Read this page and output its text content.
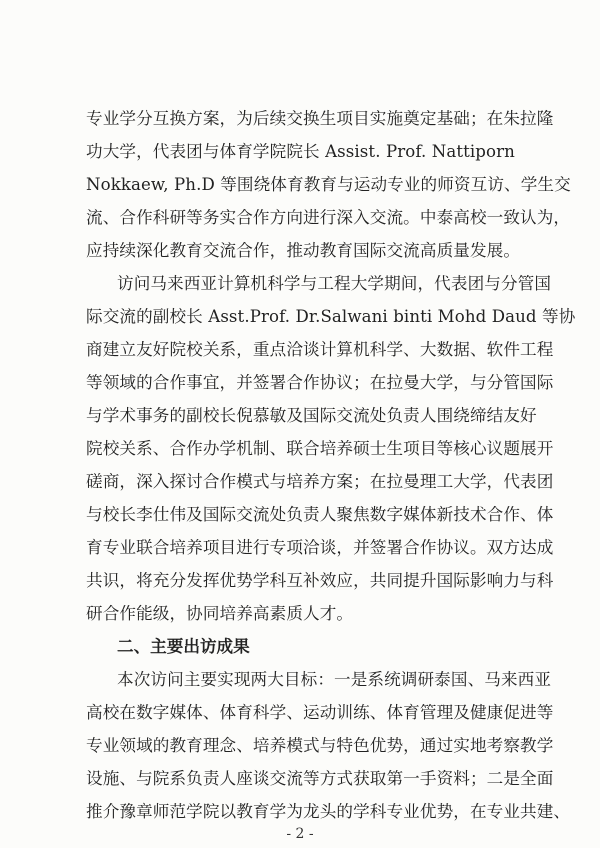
专业学分互换方案，为后续交换生项目实施奠定基础；在朱拉隆
功大学，代表团与体育学院院长 Assist. Prof. Nattiporn
Nokkaew, Ph.D 等围绕体育教育与运动专业的师资互访、学生交
流、合作科研等务实合作方向进行深入交流。中泰高校一致认为，
应持续深化教育交流合作，推动教育国际交流高质量发展。
访问马来西亚计算机科学与工程大学期间，代表团与分管国
际交流的副校长 Asst.Prof. Dr.Salwani binti Mohd Daud 等协
商建立友好院校关系，重点洽谈计算机科学、大数据、软件工程
等领域的合作事宜，并签署合作协议；在拉曼大学，与分管国际
与学术事务的副校长倪慕敏及国际交流处负责人围绕缔结友好
院校关系、合作办学机制、联合培养硕士生项目等核心议题展开
磋商，深入探讨合作模式与培养方案；在拉曼理工大学，代表团
与校长李仕伟及国际交流处负责人聚焦数字媒体新技术合作、体
育专业联合培养项目进行专项洽谈，并签署合作协议。双方达成
共识，将充分发挥优势学科互补效应，共同提升国际影响力与科
研合作能级，协同培养高素质人才。
二、主要出访成果
本次访问主要实现两大目标：一是系统调研泰国、马来西亚
高校在数字媒体、体育科学、运动训练、体育管理及健康促进等
专业领域的教育理念、培养模式与特色优势，通过实地考察教学
设施、与院系负责人座谈交流等方式获取第一手资料；二是全面
推介豫章师范学院以教育学为龙头的学科专业优势，在专业共建、
- 2 -
